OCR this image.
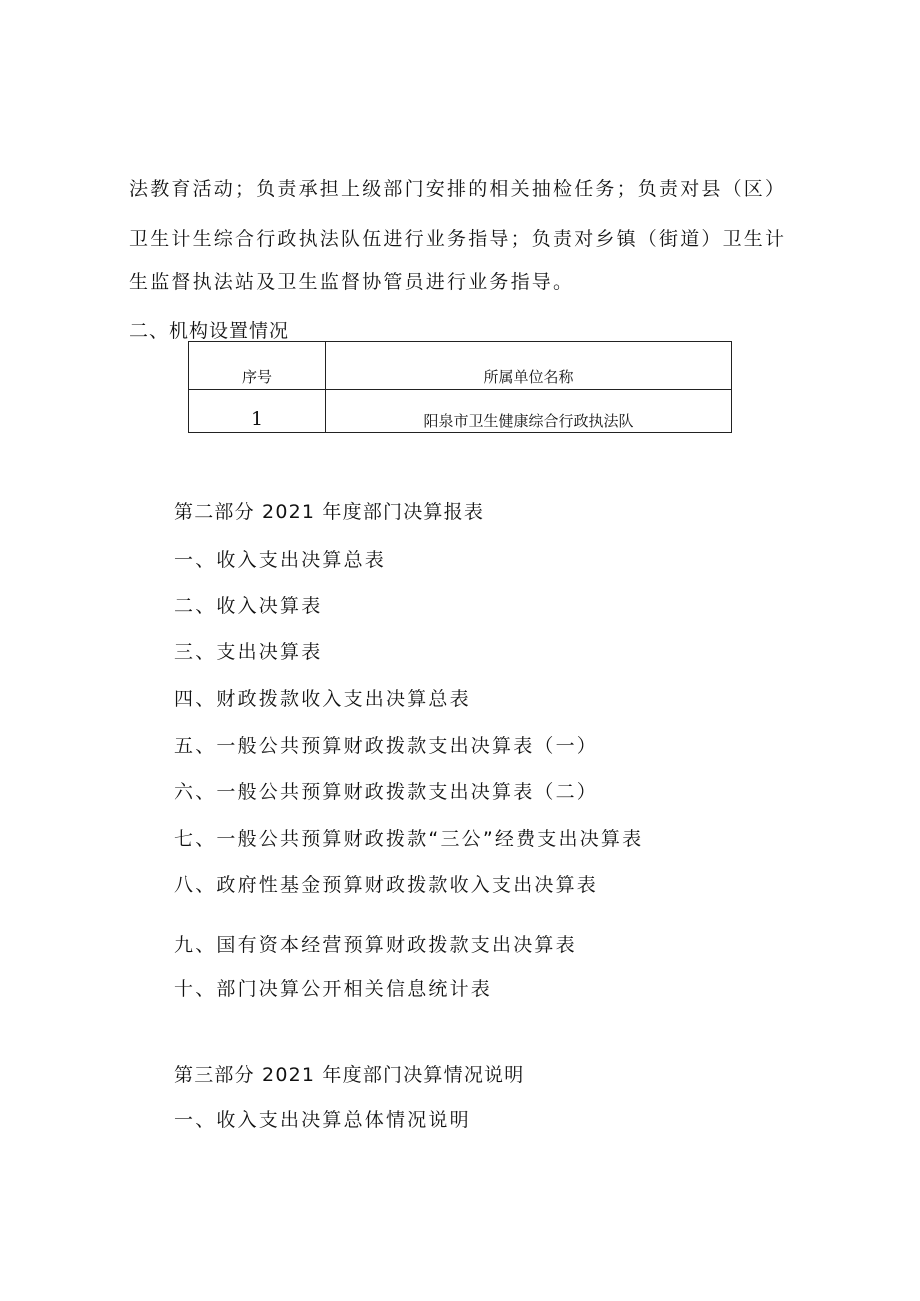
法教育活动；负责承担上级部门安排的相关抽检任务；负责对县（区）
卫生计生综合行政执法队伍进行业务指导；负责对乡镇（街道）卫生计
生监督执法站及卫生监督协管员进行业务指导。
二、机构设置情况
序号	所属单位名称
1	阳泉市卫生健康综合行政执法队
第二部分 2021 年度部门决算报表
一、收入支出决算总表
二、收入决算表
三、支出决算表
四、财政拨款收入支出决算总表
五、一般公共预算财政拨款支出决算表（一）
六、一般公共预算财政拨款支出决算表（二）
七、一般公共预算财政拨款“三公”经费支出决算表
八、政府性基金预算财政拨款收入支出决算表
九、国有资本经营预算财政拨款支出决算表
十、部门决算公开相关信息统计表
第三部分 2021 年度部门决算情况说明
一、收入支出决算总体情况说明
